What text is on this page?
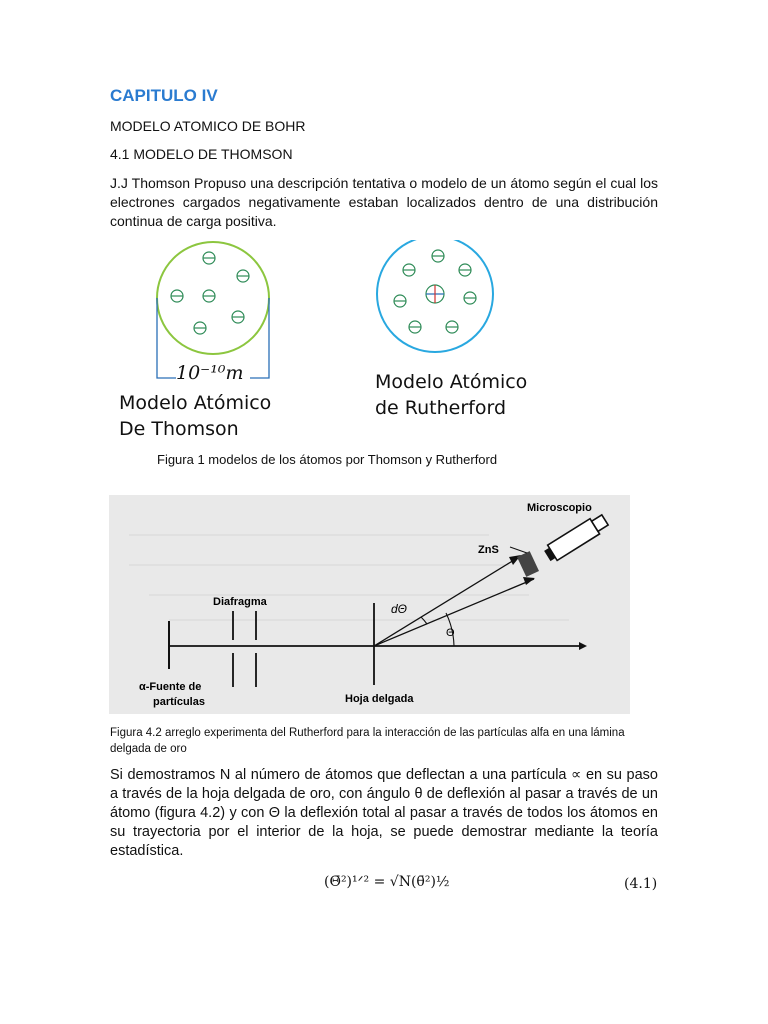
CAPITULO IV
MODELO ATOMICO DE BOHR
4.1 MODELO DE THOMSON
J.J Thomson Propuso una descripción tentativa o modelo de un átomo según el cual los electrones cargados negativamente estaban localizados dentro de una distribución continua de carga positiva.
10⁻¹⁰m
Modelo Atómico
De Thomson
Modelo Atómico
de Rutherford
Figura 1 modelos de los átomos por Thomson y Rutherford
Microscopio
ZnS
Diafragma	dΘ
Θ
α-Fuente de
partículas	Hoja delgada
Figura 4.2 arreglo experimenta del Rutherford para la interacción de las partículas alfa en una lámina delgada de oro
Si demostramos N al número de átomos que deflectan a una partícula ∝ en su paso a través de la hoja delgada de oro, con ángulo θ de deflexión al pasar a través de un átomo (figura 4.2) y con Θ la deflexión total al pasar a través de todos los átomos en su trayectoria por el interior de la hoja, se puede demostrar mediante la teoría estadística.
(Θ̄²)¹ᐟ² = √N(θ̄²)½	(4.1)
